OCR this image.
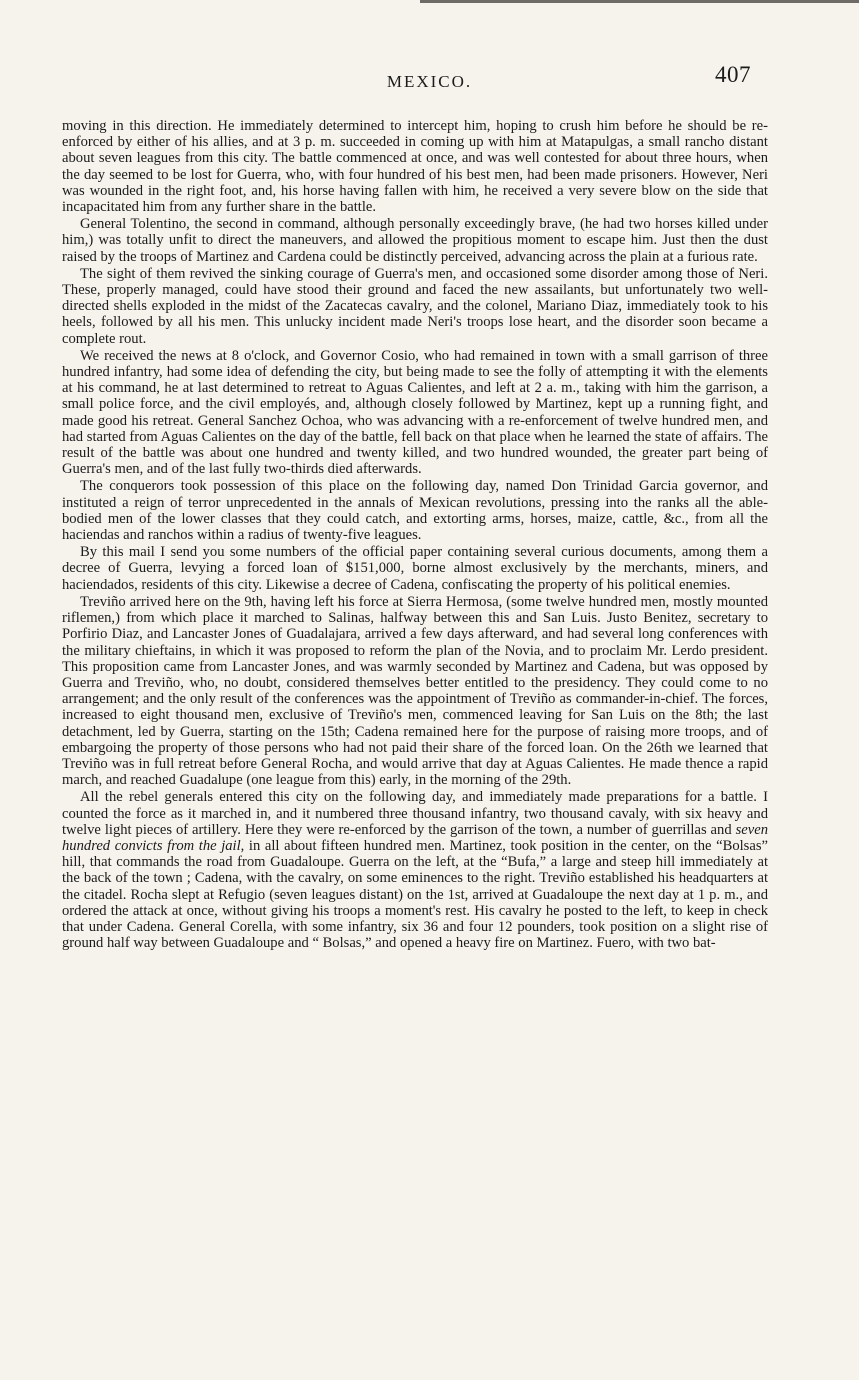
MEXICO.	407

moving in this direction. He immediately determined to intercept him, hoping to crush him before he should be re-enforced by either of his allies, and at 3 p. m. succeeded in coming up with him at Matapulgas, a small rancho distant about seven leagues from this city. The battle commenced at once, and was well contested for about three hours, when the day seemed to be lost for Guerra, who, with four hundred of his best men, had been made prisoners. However, Neri was wounded in the right foot, and, his horse having fallen with him, he received a very severe blow on the side that incapacitated him from any further share in the battle.

General Tolentino, the second in command, although personally exceedingly brave, (he had two horses killed under him,) was totally unfit to direct the maneuvers, and allowed the propitious moment to escape him. Just then the dust raised by the troops of Martinez and Cardena could be distinctly perceived, advancing across the plain at a furious rate.

The sight of them revived the sinking courage of Guerra's men, and occasioned some disorder among those of Neri. These, properly managed, could have stood their ground and faced the new assailants, but unfortunately two well-directed shells exploded in the midst of the Zacatecas cavalry, and the colonel, Mariano Diaz, immediately took to his heels, followed by all his men. This unlucky incident made Neri's troops lose heart, and the disorder soon became a complete rout.

We received the news at 8 o'clock, and Governor Cosio, who had remained in town with a small garrison of three hundred infantry, had some idea of defending the city, but being made to see the folly of attempting it with the elements at his command, he at last determined to retreat to Aguas Calientes, and left at 2 a. m., taking with him the garrison, a small police force, and the civil employés, and, although closely followed by Martinez, kept up a running fight, and made good his retreat. General Sanchez Ochoa, who was advancing with a re-enforcement of twelve hundred men, and had started from Aguas Calientes on the day of the battle, fell back on that place when he learned the state of affairs. The result of the battle was about one hundred and twenty killed, and two hundred wounded, the greater part being of Guerra's men, and of the last fully two-thirds died afterwards.

The conquerors took possession of this place on the following day, named Don Trinidad Garcia governor, and instituted a reign of terror unprecedented in the annals of Mexican revolutions, pressing into the ranks all the able-bodied men of the lower classes that they could catch, and extorting arms, horses, maize, cattle, &c., from all the haciendas and ranchos within a radius of twenty-five leagues.

By this mail I send you some numbers of the official paper containing several curious documents, among them a decree of Guerra, levying a forced loan of $151,000, borne almost exclusively by the merchants, miners, and haciendados, residents of this city. Likewise a decree of Cadena, confiscating the property of his political enemies.

Treviño arrived here on the 9th, having left his force at Sierra Hermosa, (some twelve hundred men, mostly mounted riflemen,) from which place it marched to Salinas, halfway between this and San Luis. Justo Benitez, secretary to Porfirio Diaz, and Lancaster Jones of Guadalajara, arrived a few days afterward, and had several long conferences with the military chieftains, in which it was proposed to reform the plan of the Novia, and to proclaim Mr. Lerdo president. This proposition came from Lancaster Jones, and was warmly seconded by Martinez and Cadena, but was opposed by Guerra and Treviño, who, no doubt, considered themselves better entitled to the presidency. They could come to no arrangement; and the only result of the conferences was the appointment of Treviño as commander-in-chief. The forces, increased to eight thousand men, exclusive of Treviño's men, commenced leaving for San Luis on the 8th; the last detachment, led by Guerra, starting on the 15th; Cadena remained here for the purpose of raising more troops, and of embargoing the property of those persons who had not paid their share of the forced loan. On the 26th we learned that Treviño was in full retreat before General Rocha, and would arrive that day at Aguas Calientes. He made thence a rapid march, and reached Guadalupe (one league from this) early, in the morning of the 29th.

All the rebel generals entered this city on the following day, and immediately made preparations for a battle. I counted the force as it marched in, and it numbered three thousand infantry, two thousand cavaly, with six heavy and twelve light pieces of artillery. Here they were re-enforced by the garrison of the town, a number of guerrillas and seven hundred convicts from the jail, in all about fifteen hundred men. Martinez, took position in the center, on the “Bolsas” hill, that commands the road from Guadaloupe. Guerra on the left, at the “Bufa,” a large and steep hill immediately at the back of the town ; Cadena, with the cavalry, on some eminences to the right. Treviño established his headquarters at the citadel. Rocha slept at Refugio (seven leagues distant) on the 1st, arrived at Guadaloupe the next day at 1 p. m., and ordered the attack at once, without giving his troops a moment's rest. His cavalry he posted to the left, to keep in check that under Cadena. General Corella, with some infantry, six 36 and four 12 pounders, took position on a slight rise of ground half way between Guadaloupe and “ Bolsas,” and opened a heavy fire on Martinez. Fuero, with two bat-
